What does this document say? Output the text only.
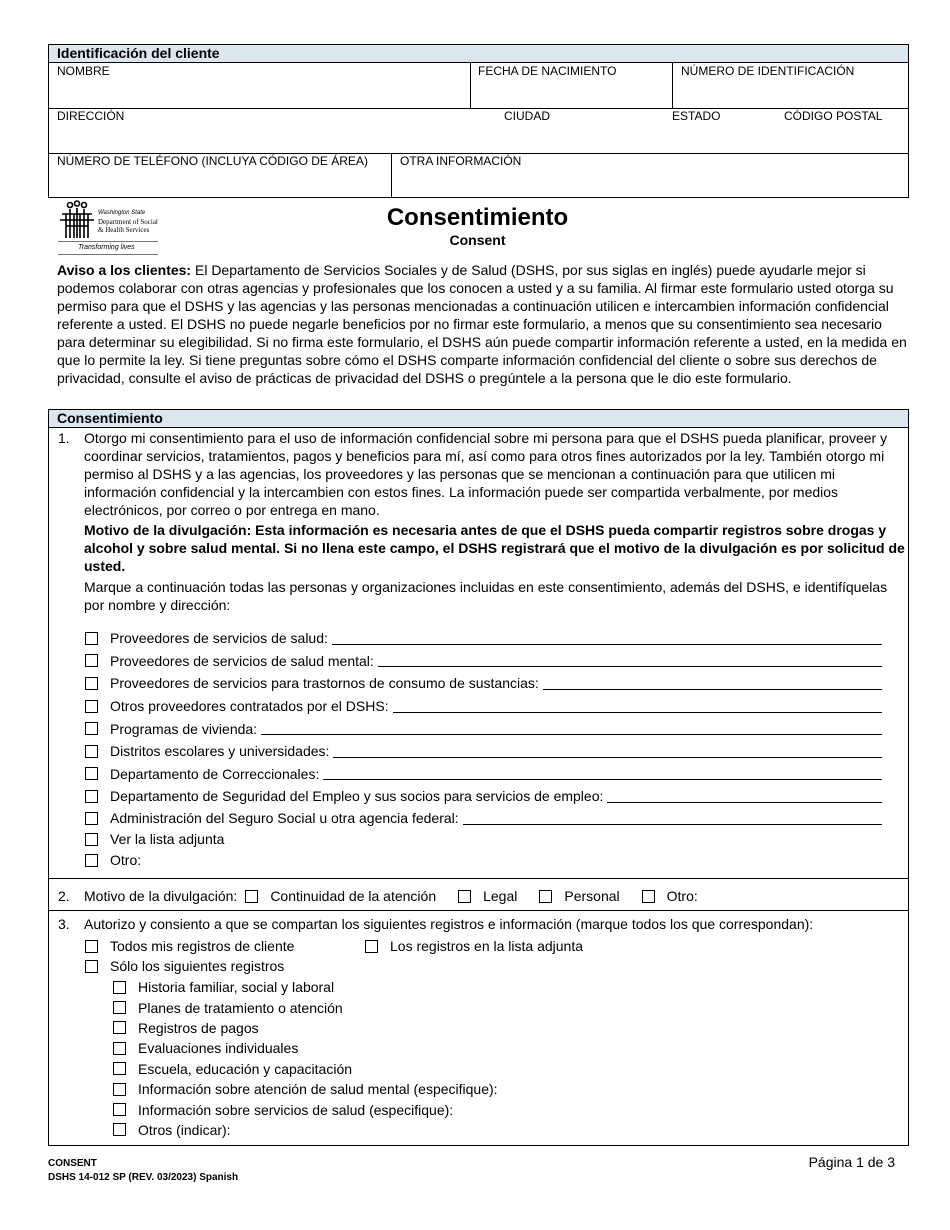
Identificación del cliente
NOMBRE	FECHA DE NACIMIENTO	NÚMERO DE IDENTIFICACIÓN
DIRECCIÓN	CIUDAD	ESTADO	CÓDIGO POSTAL
NÚMERO DE TELÉFONO (INCLUYA CÓDIGO DE ÁREA)	OTRA INFORMACIÓN
Washington State
Department of Social
& Health Services
Transforming lives
Consentimiento
Consent
Aviso a los clientes: El Departamento de Servicios Sociales y de Salud (DSHS, por sus siglas en inglés) puede ayudarle mejor si podemos colaborar con otras agencias y profesionales que los conocen a usted y a su familia. Al firmar este formulario usted otorga su permiso para que el DSHS y las agencias y las personas mencionadas a continuación utilicen e intercambien información confidencial referente a usted. El DSHS no puede negarle beneficios por no firmar este formulario, a menos que su consentimiento sea necesario para determinar su elegibilidad. Si no firma este formulario, el DSHS aún puede compartir información referente a usted, en la medida en que lo permite la ley. Si tiene preguntas sobre cómo el DSHS comparte información confidencial del cliente o sobre sus derechos de privacidad, consulte el aviso de prácticas de privacidad del DSHS o pregúntele a la persona que le dio este formulario.
Consentimiento
1. Otorgo mi consentimiento para el uso de información confidencial sobre mi persona para que el DSHS pueda planificar, proveer y coordinar servicios, tratamientos, pagos y beneficios para mí, así como para otros fines autorizados por la ley. También otorgo mi permiso al DSHS y a las agencias, los proveedores y las personas que se mencionan a continuación para que utilicen mi información confidencial y la intercambien con estos fines. La información puede ser compartida verbalmente, por medios electrónicos, por correo o por entrega en mano.
Motivo de la divulgación: Esta información es necesaria antes de que el DSHS pueda compartir registros sobre drogas y alcohol y sobre salud mental. Si no llena este campo, el DSHS registrará que el motivo de la divulgación es por solicitud de usted.
Marque a continuación todas las personas y organizaciones incluidas en este consentimiento, además del DSHS, e identifíquelas por nombre y dirección:
Proveedores de servicios de salud:
Proveedores de servicios de salud mental:
Proveedores de servicios para trastornos de consumo de sustancias:
Otros proveedores contratados por el DSHS:
Programas de vivienda:
Distritos escolares y universidades:
Departamento de Correccionales:
Departamento de Seguridad del Empleo y sus socios para servicios de empleo:
Administración del Seguro Social u otra agencia federal:
Ver la lista adjunta
Otro:
2. Motivo de la divulgación: Continuidad de la atención	Legal	Personal	Otro:
3. Autorizo y consiento a que se compartan los siguientes registros e información (marque todos los que correspondan):
Todos mis registros de cliente	Los registros en la lista adjunta
Sólo los siguientes registros
Historia familiar, social y laboral
Planes de tratamiento o atención
Registros de pagos
Evaluaciones individuales
Escuela, educación y capacitación
Información sobre atención de salud mental (especifique):
Información sobre servicios de salud (especifique):
Otros (indicar):
CONSENT
DSHS 14-012 SP (REV. 03/2023) Spanish
Página 1 de 3
